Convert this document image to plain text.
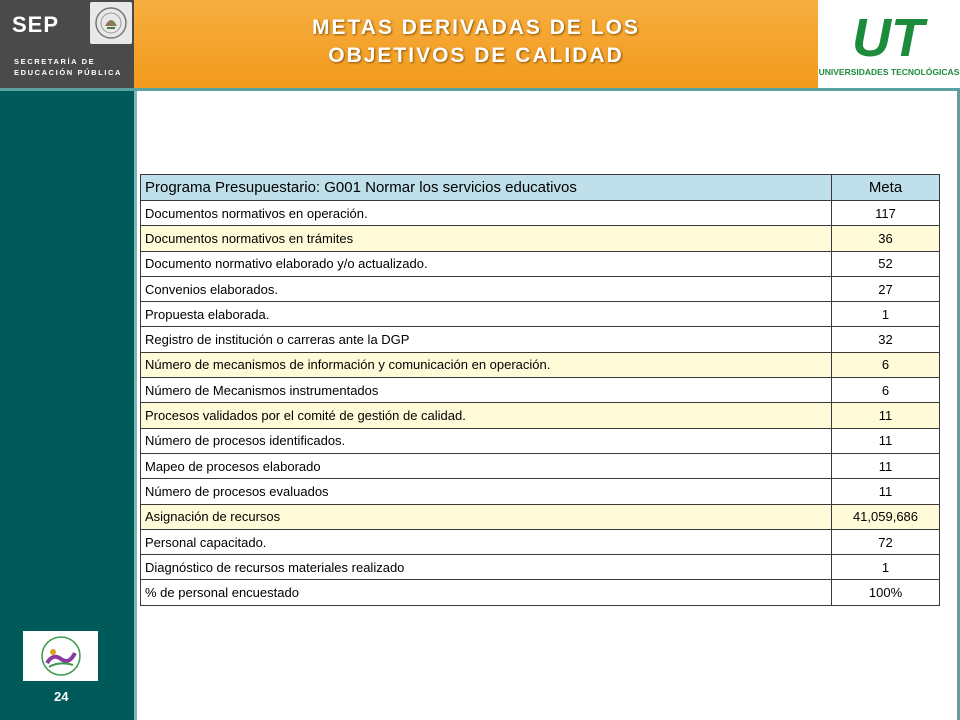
SEP
SECRETARÍA DE
EDUCACIÓN PÚBLICA
METAS DERIVADAS DE LOS
OBJETIVOS DE CALIDAD	UT
UNIVERSIDADES TECNOLÓGICAS
24
Programa Presupuestario: G001 Normar los servicios educativos	Meta
Documentos normativos en operación.	117
Documentos normativos en trámites	36
Documento normativo elaborado y/o actualizado.	52
Convenios elaborados.	27
Propuesta elaborada.	1
Registro de institución o carreras ante la DGP	32
Número de mecanismos de información y comunicación en operación.	6
Número de Mecanismos instrumentados	6
Procesos validados por el comité de gestión de calidad.	11
Número de procesos identificados.	11
Mapeo de procesos elaborado	11
Número de procesos evaluados	11
Asignación de recursos	41,059,686
Personal capacitado.	72
Diagnóstico de recursos materiales realizado	1
% de personal encuestado	100%
